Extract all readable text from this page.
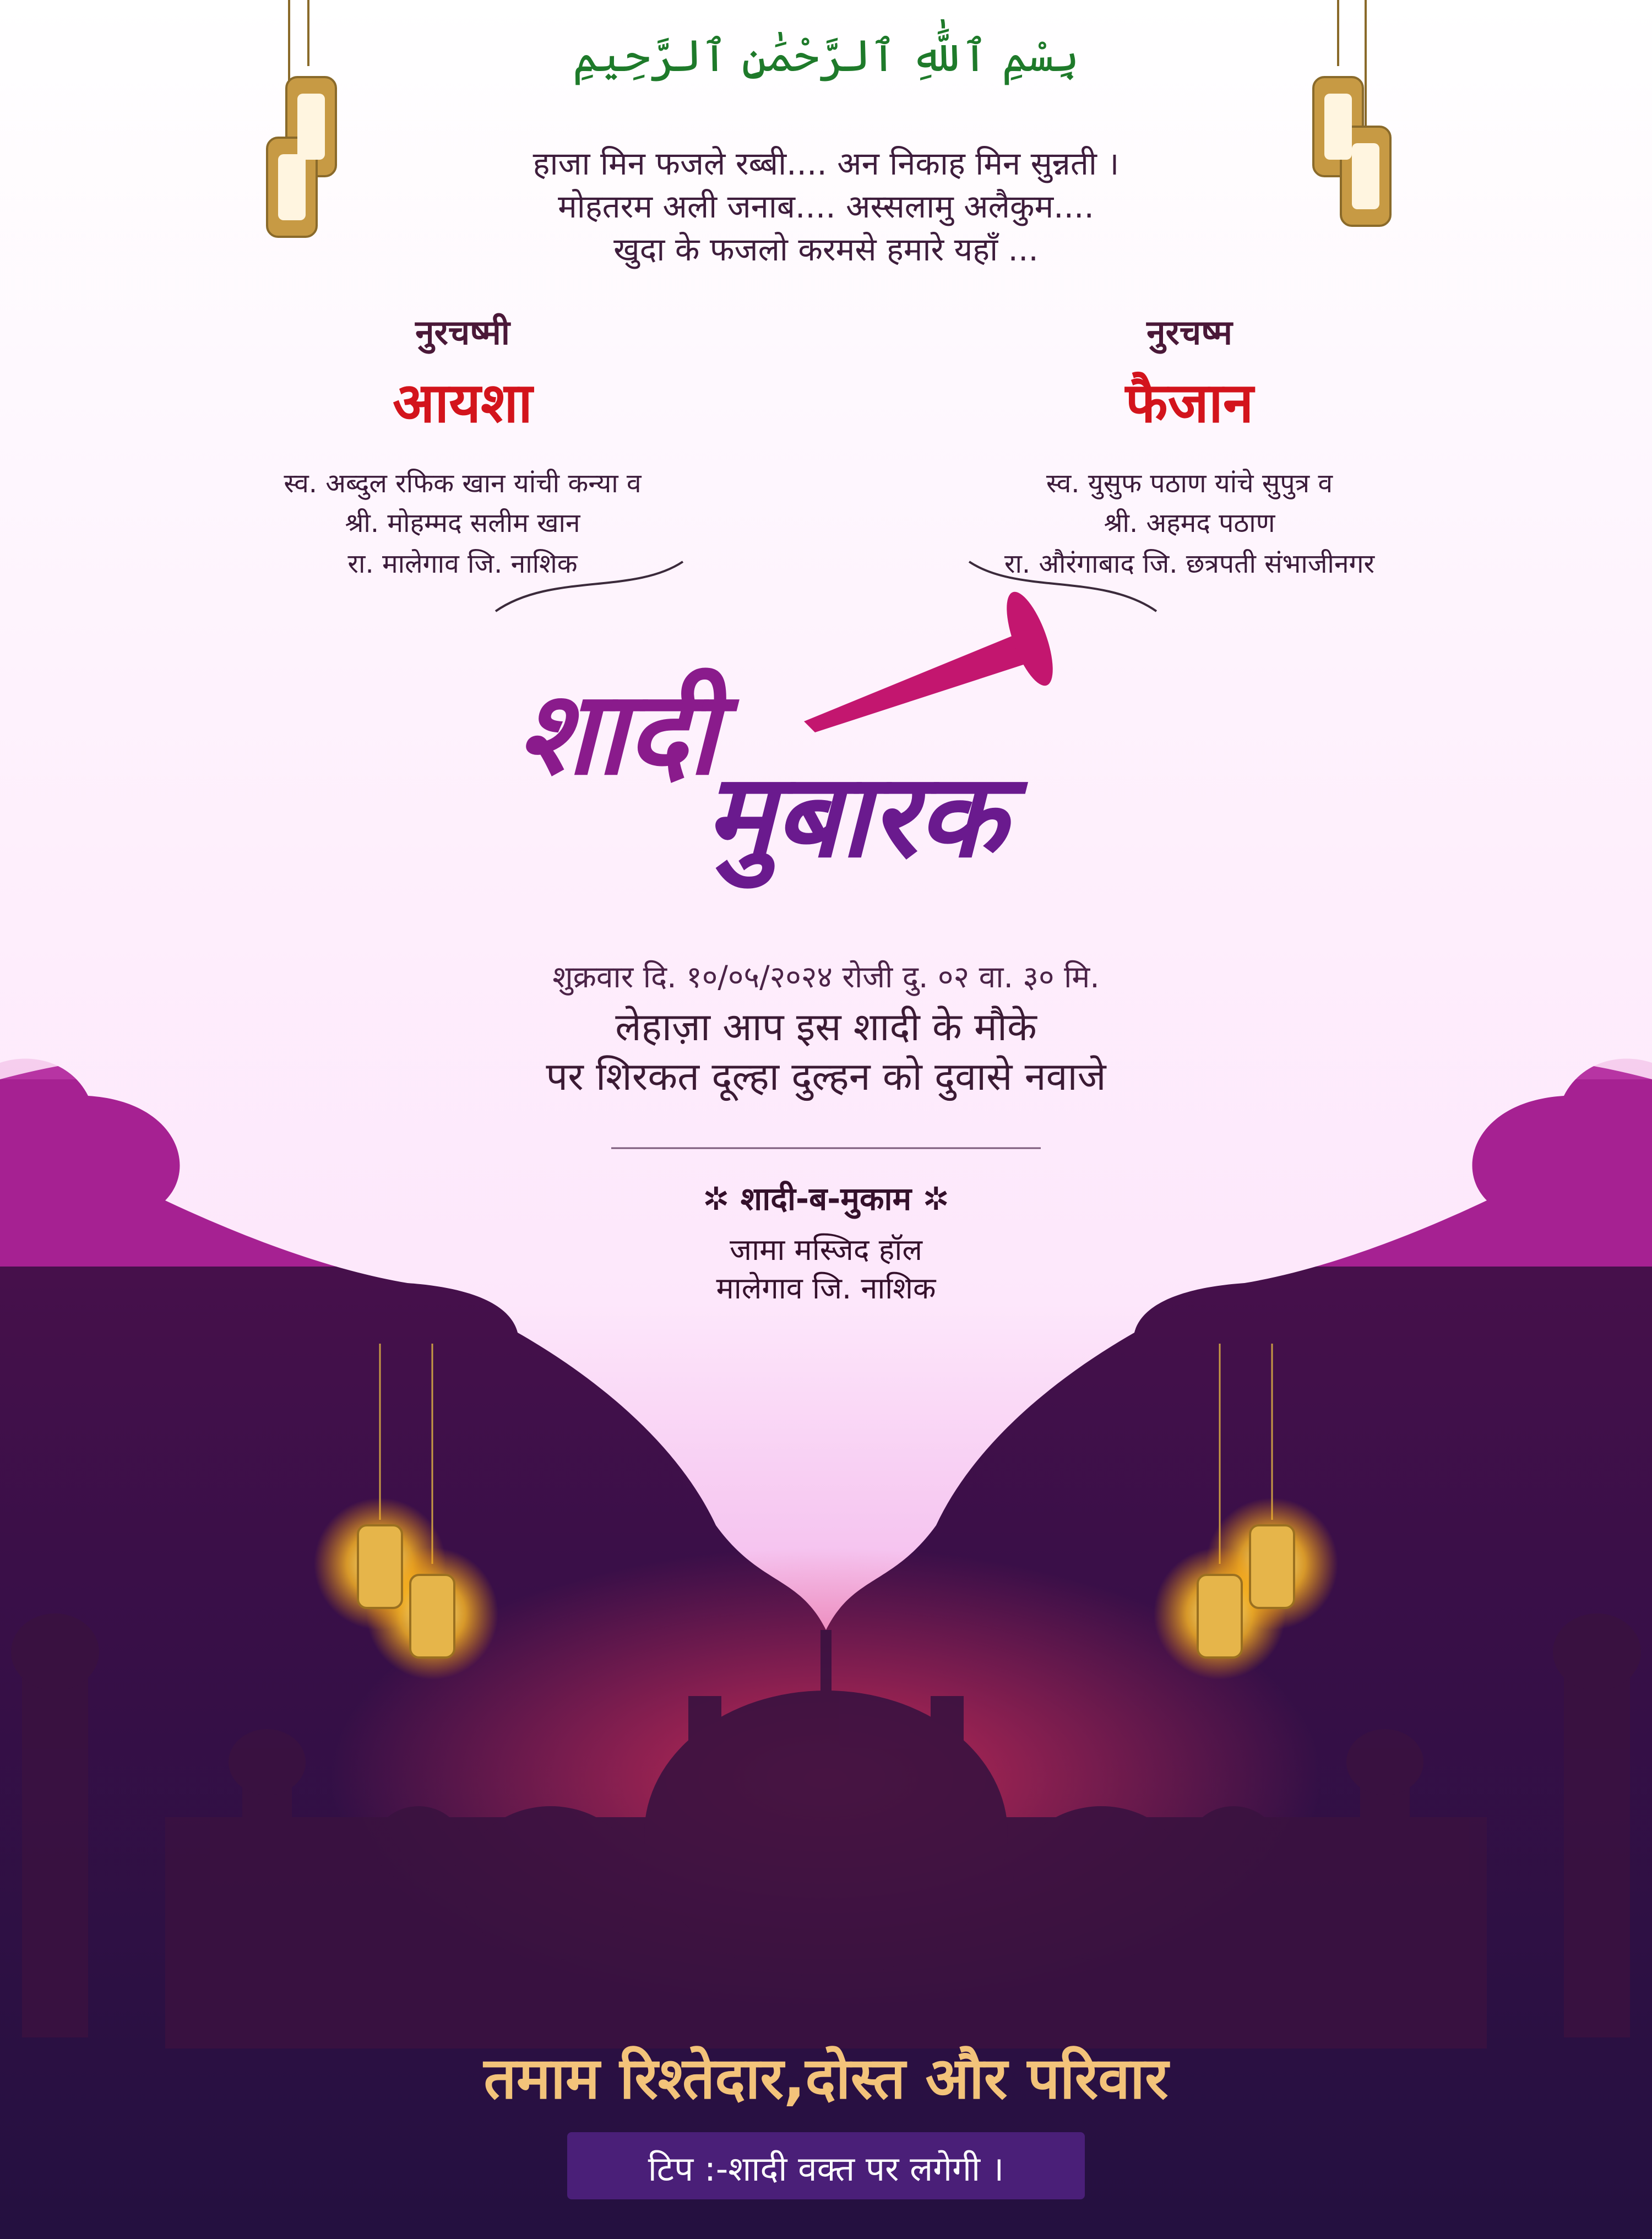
بِسْمِ ٱللَّٰهِ ٱلرَّحْمَٰنِ ٱلرَّحِيمِ
हाजा मिन फजले रब्बी.... अन निकाह मिन सुन्नती ।
मोहतरम अली जनाब.... अस्सलामु अलैकुम....
खुदा के फजलो करमसे हमारे यहाँ ...
नुरचष्मी
आयशा
स्व. अब्दुल रफिक खान यांची कन्या व
श्री. मोहम्मद सलीम खान
रा. मालेगाव जि. नाशिक
नुरचष्म
फैजान
स्व. युसुफ पठाण यांचे सुपुत्र व
श्री. अहमद पठाण
रा. औरंगाबाद जि. छत्रपती संभाजीनगर
शादी
मुबारक
शुक्रवार दि. १०/०५/२०२४ रोजी दु. ०२ वा. ३० मि.
लेहाज़ा आप इस शादी के मौके
पर शिरकत दूल्हा दुल्हन को दुवासे नवाजे
✲ शादी-ब-मुकाम ✲
जामा मस्जिद हॉल
मालेगाव जि. नाशिक
तमाम रिश्तेदार,दोस्त और परिवार
टिप :-शादी वक्त पर लगेगी ।
